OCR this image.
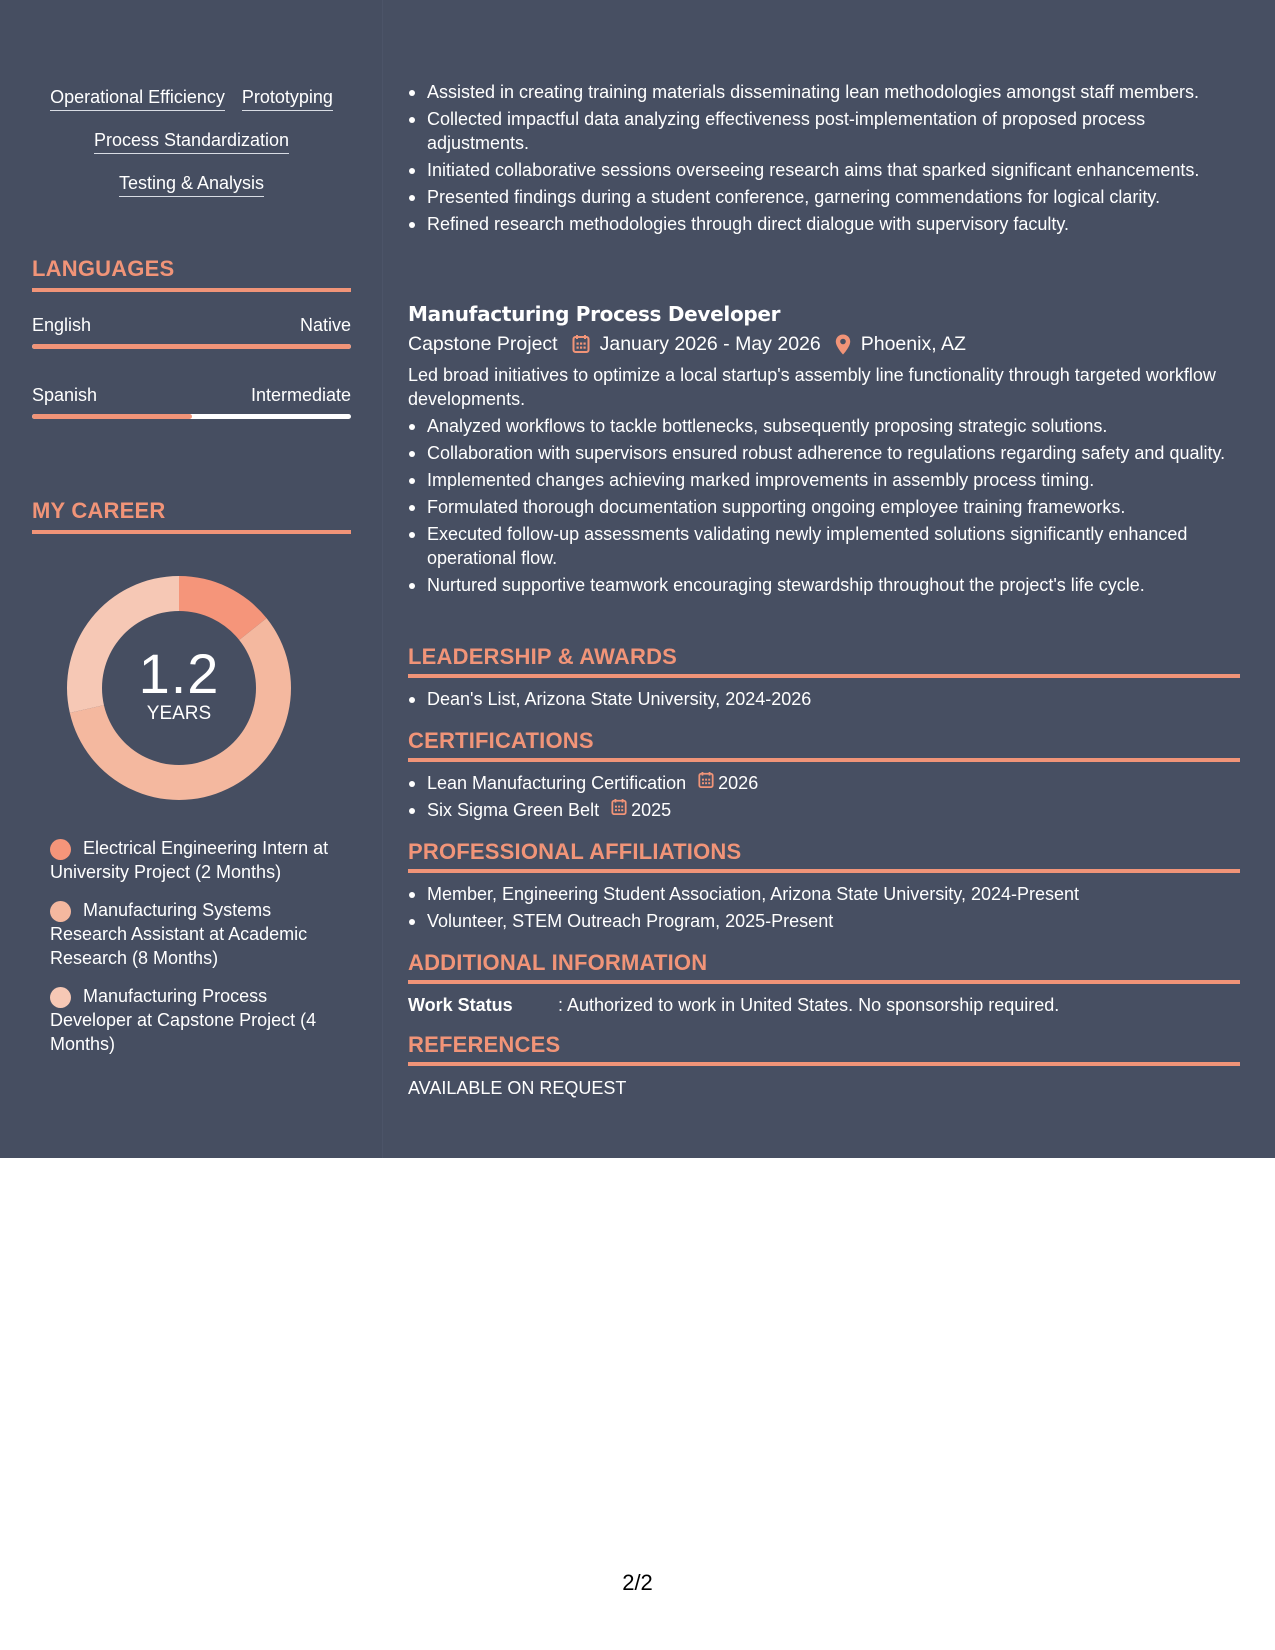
Operational Efficiency Prototyping
Process Standardization
Testing & Analysis
LANGUAGES
English	Native
Spanish	Intermediate
MY CAREER
1.2
YEARS
Electrical Engineering Intern at University Project (2 Months)
Manufacturing Systems Research Assistant at Academic Research (8 Months)
Manufacturing Process Developer at Capstone Project (4 Months)
Assisted in creating training materials disseminating lean methodologies amongst staff members.
Collected impactful data analyzing effectiveness post-implementation of proposed process adjustments.
Initiated collaborative sessions overseeing research aims that sparked significant enhancements.
Presented findings during a student conference, garnering commendations for logical clarity.
Refined research methodologies through direct dialogue with supervisory faculty.
Manufacturing Process Developer
Capstone Project January 2026 - May 2026 Phoenix, AZ
Led broad initiatives to optimize a local startup's assembly line functionality through targeted workflow developments.
Analyzed workflows to tackle bottlenecks, subsequently proposing strategic solutions.
Collaboration with supervisors ensured robust adherence to regulations regarding safety and quality.
Implemented changes achieving marked improvements in assembly process timing.
Formulated thorough documentation supporting ongoing employee training frameworks.
Executed follow-up assessments validating newly implemented solutions significantly enhanced operational flow.
Nurtured supportive teamwork encouraging stewardship throughout the project's life cycle.
LEADERSHIP & AWARDS
Dean's List, Arizona State University, 2024-2026
CERTIFICATIONS
Lean Manufacturing Certification 2026
Six Sigma Green Belt 2025
PROFESSIONAL AFFILIATIONS
Member, Engineering Student Association, Arizona State University, 2024-Present
Volunteer, STEM Outreach Program, 2025-Present
ADDITIONAL INFORMATION
Work Status	: Authorized to work in United States. No sponsorship required.
REFERENCES
AVAILABLE ON REQUEST
2/2
